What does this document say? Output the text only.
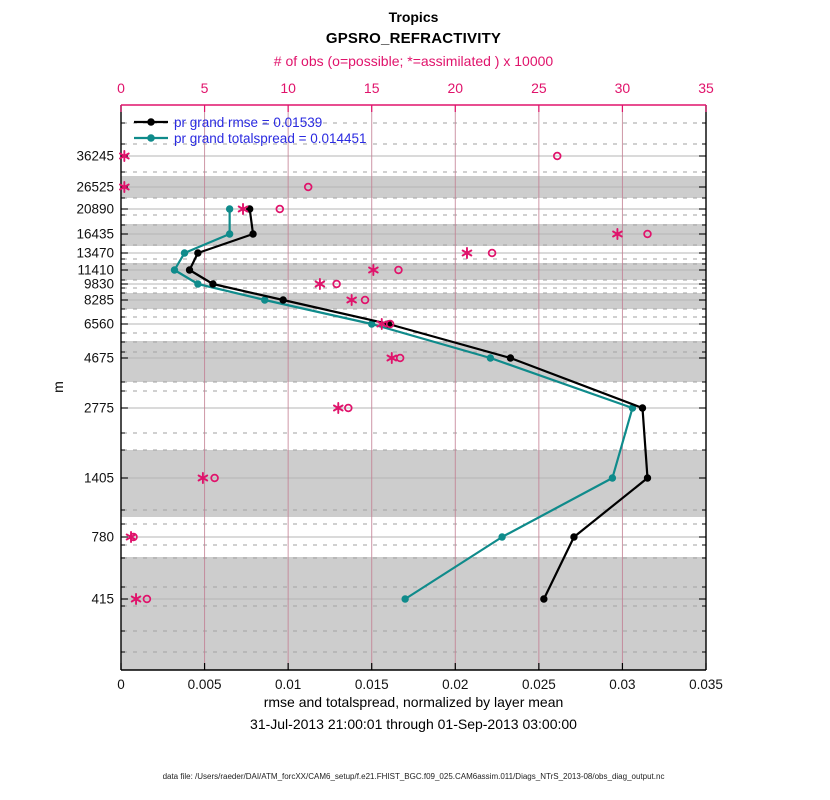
0	0.005	0.01	0.015	0.02	0.025	0.03	0.035
0	5	10	15	20	25	30	35
36245
26525
20890
16435
13470
11410
9830
8285
6560
4675
2775
1405
780
415
Tropics
GPSRO_REFRACTIVITY
# of obs (o=possible; *=assimilated ) x 10000
pr grand rmse = 0.01539
pr grand totalspread = 0.014451
m
rmse and totalspread, normalized by layer mean
31-Jul-2013 21:00:01 through 01-Sep-2013 03:00:00
data file: /Users/raeder/DAI/ATM_forcXX/CAM6_setup/f.e21.FHIST_BGC.f09_025.CAM6assim.011/Diags_NTrS_2013-08/obs_diag_output.nc
